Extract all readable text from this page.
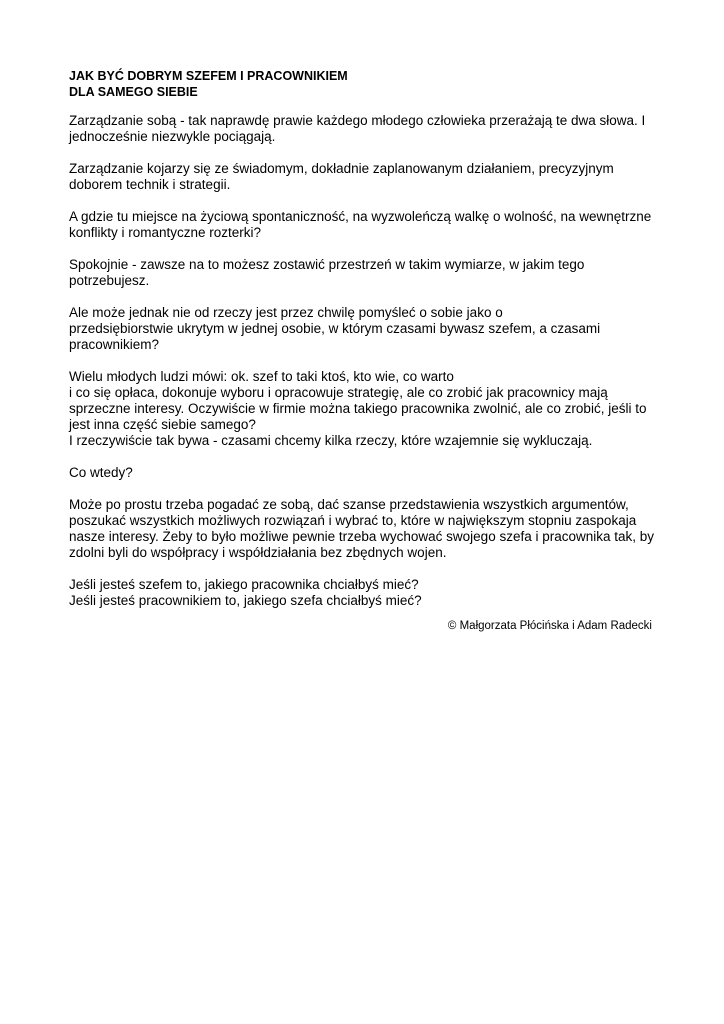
JAK BYĆ DOBRYM SZEFEM I PRACOWNIKIEM
DLA SAMEGO SIEBIE
Zarządzanie sobą - tak naprawdę prawie każdego młodego człowieka przerażają te dwa słowa. I
jednocześnie niezwykle pociągają.
Zarządzanie kojarzy się ze świadomym, dokładnie zaplanowanym działaniem, precyzyjnym
doborem technik i strategii.
A gdzie tu miejsce na życiową spontaniczność, na wyzwoleńczą walkę o wolność, na wewnętrzne
konflikty i romantyczne rozterki?
Spokojnie - zawsze na to możesz zostawić przestrzeń w takim wymiarze, w jakim tego
potrzebujesz.
Ale może jednak nie od rzeczy jest przez chwilę pomyśleć o sobie jako o
przedsiębiorstwie ukrytym w jednej osobie, w którym czasami bywasz szefem, a czasami
pracownikiem?
Wielu młodych ludzi mówi: ok. szef to taki ktoś, kto wie, co warto
i co się opłaca, dokonuje wyboru i opracowuje strategię, ale co zrobić jak pracownicy mają
sprzeczne interesy. Oczywiście w firmie można takiego pracownika zwolnić, ale co zrobić, jeśli to
jest inna część siebie samego?
I rzeczywiście tak bywa - czasami chcemy kilka rzeczy, które wzajemnie się wykluczają.
Co wtedy?
Może po prostu trzeba pogadać ze sobą, dać szanse przedstawienia wszystkich argumentów,
poszukać wszystkich możliwych rozwiązań i wybrać to, które w największym stopniu zaspokaja
nasze interesy. Żeby to było możliwe pewnie trzeba wychować swojego szefa i pracownika tak, by
zdolni byli do współpracy i współdziałania bez zbędnych wojen.
Jeśli jesteś szefem to, jakiego pracownika chciałbyś mieć?
Jeśli jesteś pracownikiem to, jakiego szefa chciałbyś mieć?
© Małgorzata Płócińska i Adam Radecki
